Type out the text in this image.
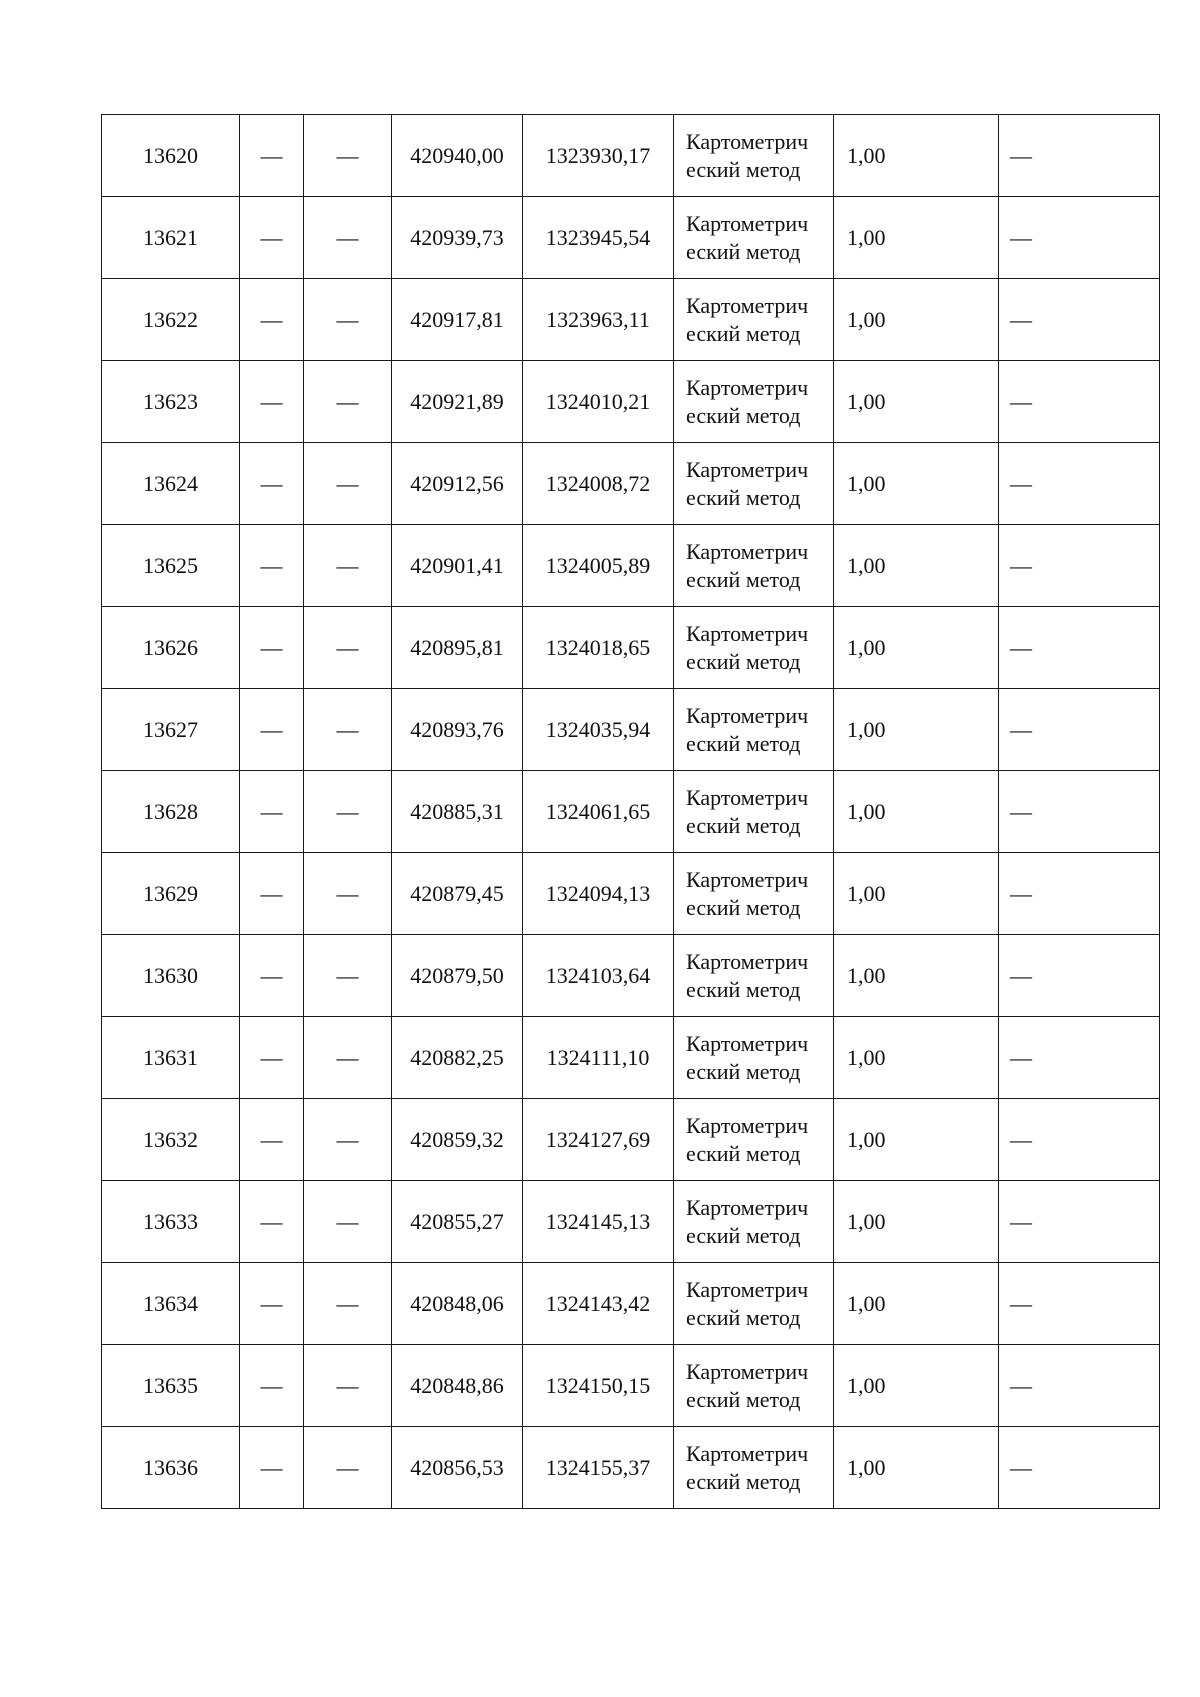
13620	—	—	420940,00	1323930,17	Картометрический метод	1,00	—
13621	—	—	420939,73	1323945,54	Картометрический метод	1,00	—
13622	—	—	420917,81	1323963,11	Картометрический метод	1,00	—
13623	—	—	420921,89	1324010,21	Картометрический метод	1,00	—
13624	—	—	420912,56	1324008,72	Картометрический метод	1,00	—
13625	—	—	420901,41	1324005,89	Картометрический метод	1,00	—
13626	—	—	420895,81	1324018,65	Картометрический метод	1,00	—
13627	—	—	420893,76	1324035,94	Картометрический метод	1,00	—
13628	—	—	420885,31	1324061,65	Картометрический метод	1,00	—
13629	—	—	420879,45	1324094,13	Картометрический метод	1,00	—
13630	—	—	420879,50	1324103,64	Картометрический метод	1,00	—
13631	—	—	420882,25	1324111,10	Картометрический метод	1,00	—
13632	—	—	420859,32	1324127,69	Картометрический метод	1,00	—
13633	—	—	420855,27	1324145,13	Картометрический метод	1,00	—
13634	—	—	420848,06	1324143,42	Картометрический метод	1,00	—
13635	—	—	420848,86	1324150,15	Картометрический метод	1,00	—
13636	—	—	420856,53	1324155,37	Картометрический метод	1,00	—
